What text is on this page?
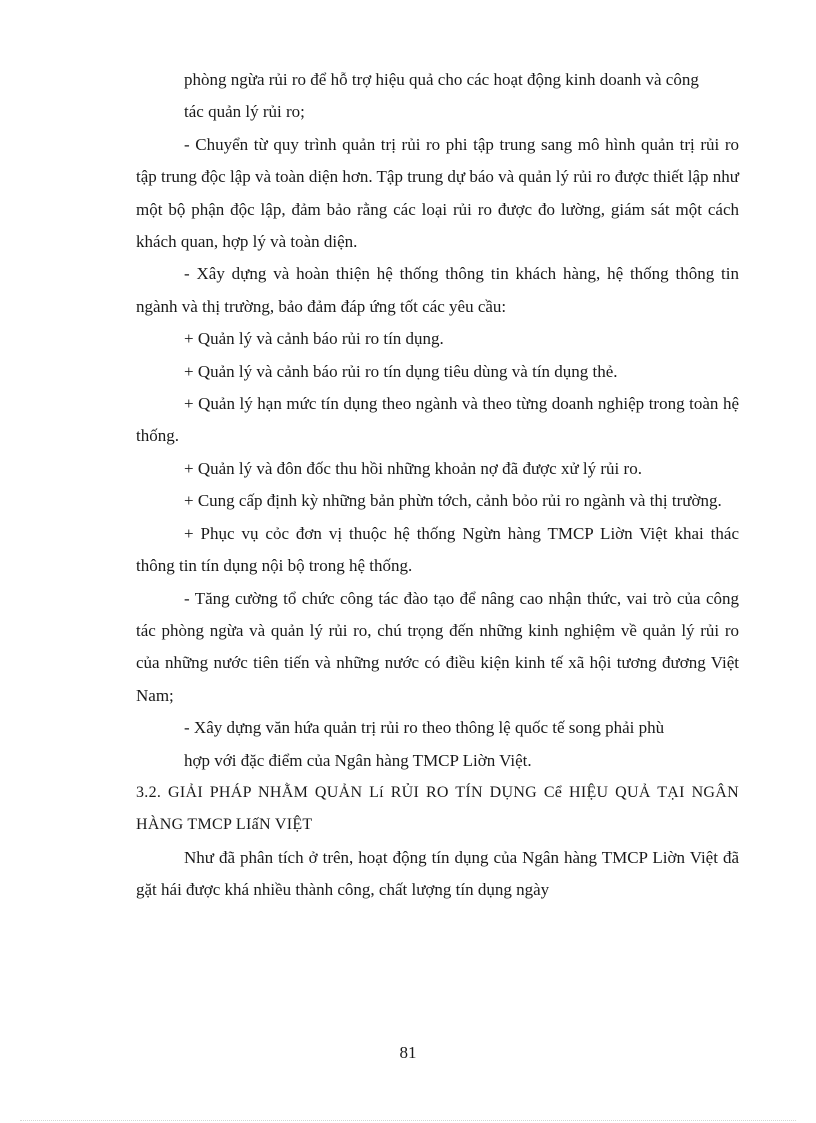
phòng ngừa rủi ro để hỗ trợ hiệu quả cho các hoạt động kinh doanh và công

tác quản lý rủi ro;

- Chuyển từ quy trình quản trị rủi ro phi tập trung sang mô hình quản trị rủi ro tập trung độc lập và toàn diện hơn. Tập trung dự báo và quản lý rủi ro được thiết lập như một bộ phận độc lập, đảm bảo rằng các loại rủi ro được đo lường, giám sát một cách khách quan, hợp lý và toàn diện.

- Xây dựng và hoàn thiện hệ thống thông tin khách hàng, hệ thống thông tin ngành và thị trường, bảo đảm đáp ứng tốt các yêu cầu:

+ Quản lý và cảnh báo rủi ro tín dụng.

+ Quản lý và cảnh báo rủi ro tín dụng tiêu dùng và tín dụng thẻ.

+ Quản lý hạn mức tín dụng theo ngành và theo từng doanh nghiệp trong toàn hệ thống.

+ Quản lý và đôn đốc thu hồi những khoản nợ đã được xử lý rủi ro.

+ Cung cấp định kỳ những bản phừn tớch, cảnh bỏo rủi ro ngành và thị trường.

+ Phục vụ cỏc đơn vị thuộc hệ thống Ngừn hàng TMCP Liờn Việt khai thác thông tin tín dụng nội bộ trong hệ thống.

- Tăng cường tổ chức công tác đào tạo để nâng cao nhận thức, vai trò của công tác phòng ngừa và quản lý rủi ro, chú trọng đến những kinh nghiệm về quản lý rủi ro của những nước tiên tiến và những nước có điều kiện kinh tế xã hội tương đương Việt Nam;

- Xây dựng văn hứa quản trị rủi ro theo thông lệ quốc tế song phải phù

hợp với đặc điểm của Ngân hàng TMCP Liờn Việt.

3.2. GIẢI PHÁP NHẰM QUẢN Lí RỦI RO TÍN DỤNG Cể HIỆU QUẢ TẠI NGÂN HÀNG TMCP LIấN VIỆT

Như đã phân tích ở trên, hoạt động tín dụng của Ngân hàng TMCP Liờn Việt đã gặt hái được khá nhiều thành công, chất lượng tín dụng ngày

81
